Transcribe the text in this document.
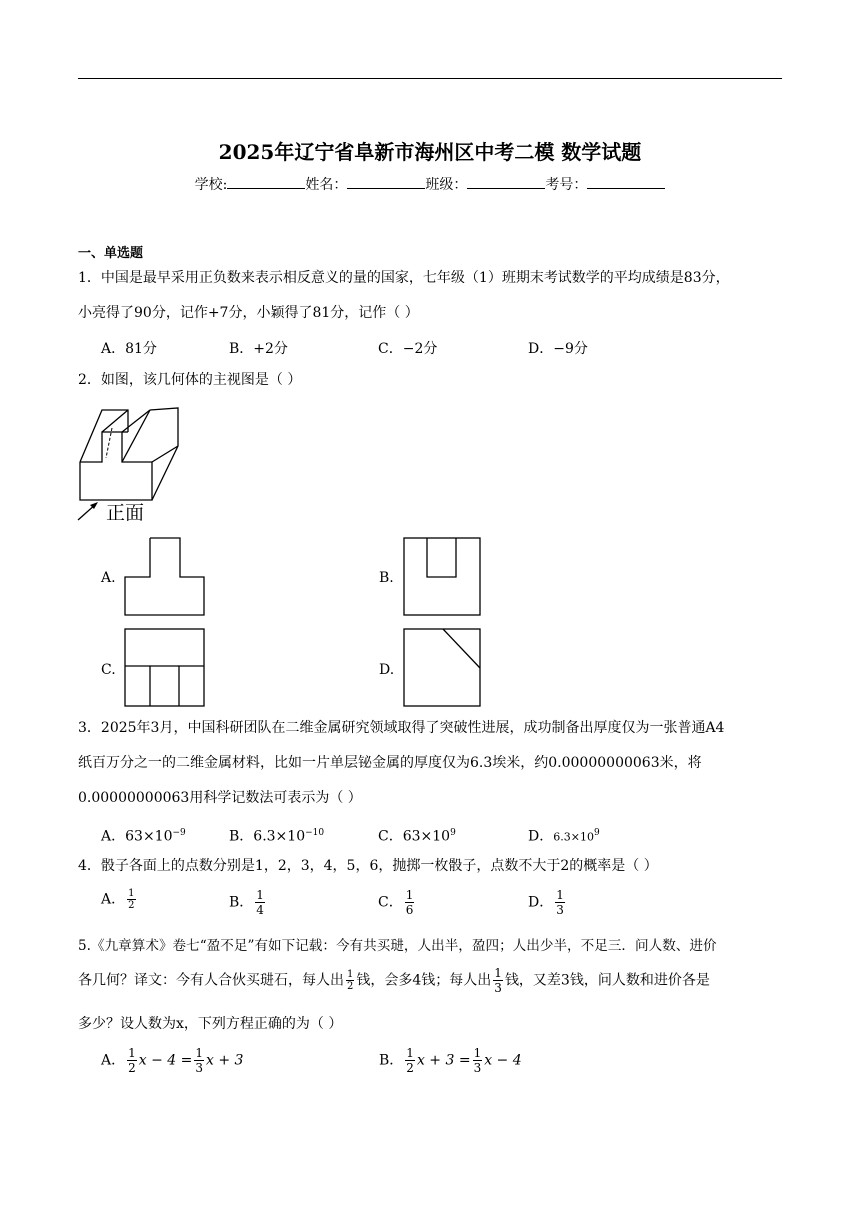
2025年辽宁省阜新市海州区中考二模 数学试题
学校:	姓名：	班级：	考号：
一、单选题
1．中国是最早采用正负数来表示相反意义的量的国家，七年级（1）班期末考试数学的平均成绩是83分，
小亮得了90分，记作+7分，小颖得了81分，记作（ ）
A．81分	B．+2分	C．−2分	D．−9分
2．如图，该几何体的主视图是（ ）
正面
A.	B.
C.	D.
3．2025年3月，中国科研团队在二维金属研究领域取得了突破性进展，成功制备出厚度仅为一张普通A4
纸百万分之一的二维金属材料，比如一片单层铋金属的厚度仅为6.3埃米，约0.00000000063米，将
0.00000000063用科学记数法可表示为（ ）
A．$63\times 10^{-9}$	B．$6.3\times 10^{-10}$	C．$63\times 10^9$	D．$6.3\times 10^9$
4．骰子各面上的点数分别是1，2，3，4，5，6，抛掷一枚骰子，点数不大于2的概率是（ ）
A． $\frac{1}{2}$	B． $\frac{1}{4}$	C． $\frac{1}{6}$	D． $\frac{1}{3}$
5.《九章算术》卷七“盈不足”有如下记载：今有共买琎，人出半，盈四；人出少半，不足三．问人数、进价
各几何？译文：今有人合伙买琎石，每人出 $\frac{1}{2}$ 钱，会多4钱；每人出 $\frac{1}{3}$ 钱，又差3钱，问人数和进价各是
多少？设人数为x，下列方程正确的为（ ）
A． $\frac{1}{2}$ $x - 4 = \frac{1}{3}$ x + 3	B． $\frac{1}{2}$ $x + 3 = \frac{1}{3}$ x − 4
